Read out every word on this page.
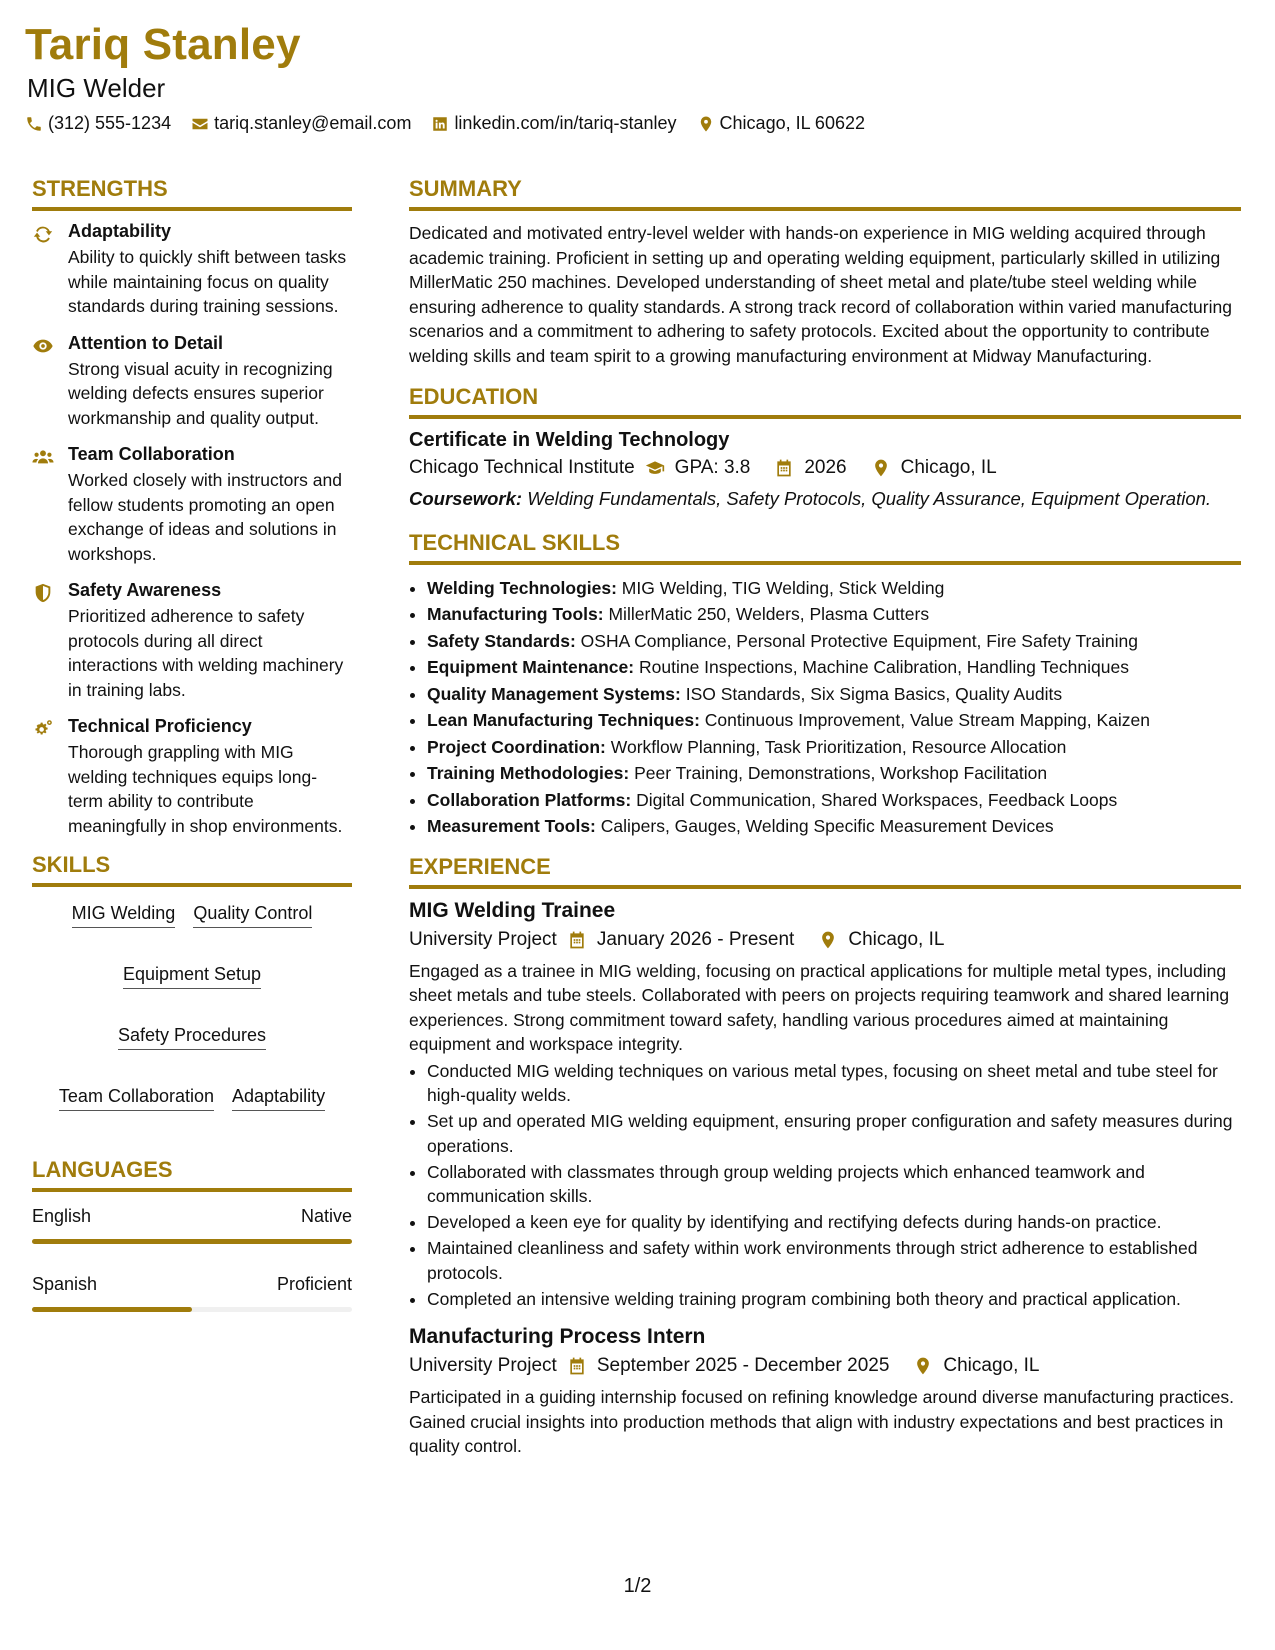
Tariq Stanley
MIG Welder
(312) 555-1234 tariq.stanley@email.com linkedin.com/in/tariq-stanley Chicago, IL 60622
STRENGTHS
Adaptability
Ability to quickly shift between tasks while maintaining focus on quality standards during training sessions.
Attention to Detail
Strong visual acuity in recognizing welding defects ensures superior workmanship and quality output.
Team Collaboration
Worked closely with instructors and fellow students promoting an open exchange of ideas and solutions in workshops.
Safety Awareness
Prioritized adherence to safety protocols during all direct interactions with welding machinery in training labs.
Technical Proficiency
Thorough grappling with MIG welding techniques equips long-term ability to contribute meaningfully in shop environments.
SKILLS
MIG Welding Quality Control
Equipment Setup
Safety Procedures
Team Collaboration Adaptability
LANGUAGES
English	Native
Spanish	Proficient
SUMMARY
Dedicated and motivated entry-level welder with hands-on experience in MIG welding acquired through academic training. Proficient in setting up and operating welding equipment, particularly skilled in utilizing MillerMatic 250 machines. Developed understanding of sheet metal and plate/tube steel welding while ensuring adherence to quality standards. A strong track record of collaboration within varied manufacturing scenarios and a commitment to adhering to safety protocols. Excited about the opportunity to contribute welding skills and team spirit to a growing manufacturing environment at Midway Manufacturing.
EDUCATION
Certificate in Welding Technology
Chicago Technical Institute GPA: 3.8	2026	Chicago, IL
Coursework: Welding Fundamentals, Safety Protocols, Quality Assurance, Equipment Operation.
TECHNICAL SKILLS
• Welding Technologies: MIG Welding, TIG Welding, Stick Welding
• Manufacturing Tools: MillerMatic 250, Welders, Plasma Cutters
• Safety Standards: OSHA Compliance, Personal Protective Equipment, Fire Safety Training
• Equipment Maintenance: Routine Inspections, Machine Calibration, Handling Techniques
• Quality Management Systems: ISO Standards, Six Sigma Basics, Quality Audits
• Lean Manufacturing Techniques: Continuous Improvement, Value Stream Mapping, Kaizen
• Project Coordination: Workflow Planning, Task Prioritization, Resource Allocation
• Training Methodologies: Peer Training, Demonstrations, Workshop Facilitation
• Collaboration Platforms: Digital Communication, Shared Workspaces, Feedback Loops
• Measurement Tools: Calipers, Gauges, Welding Specific Measurement Devices
EXPERIENCE
MIG Welding Trainee
University Project January 2026 - Present	Chicago, IL
Engaged as a trainee in MIG welding, focusing on practical applications for multiple metal types, including sheet metals and tube steels. Collaborated with peers on projects requiring teamwork and shared learning experiences. Strong commitment toward safety, handling various procedures aimed at maintaining equipment and workspace integrity.
• Conducted MIG welding techniques on various metal types, focusing on sheet metal and tube steel for high-quality welds.
• Set up and operated MIG welding equipment, ensuring proper configuration and safety measures during operations.
• Collaborated with classmates through group welding projects which enhanced teamwork and communication skills.
• Developed a keen eye for quality by identifying and rectifying defects during hands-on practice.
• Maintained cleanliness and safety within work environments through strict adherence to established protocols.
• Completed an intensive welding training program combining both theory and practical application.
Manufacturing Process Intern
University Project September 2025 - December 2025	Chicago, IL
Participated in a guiding internship focused on refining knowledge around diverse manufacturing practices. Gained crucial insights into production methods that align with industry expectations and best practices in quality control.
1/2
